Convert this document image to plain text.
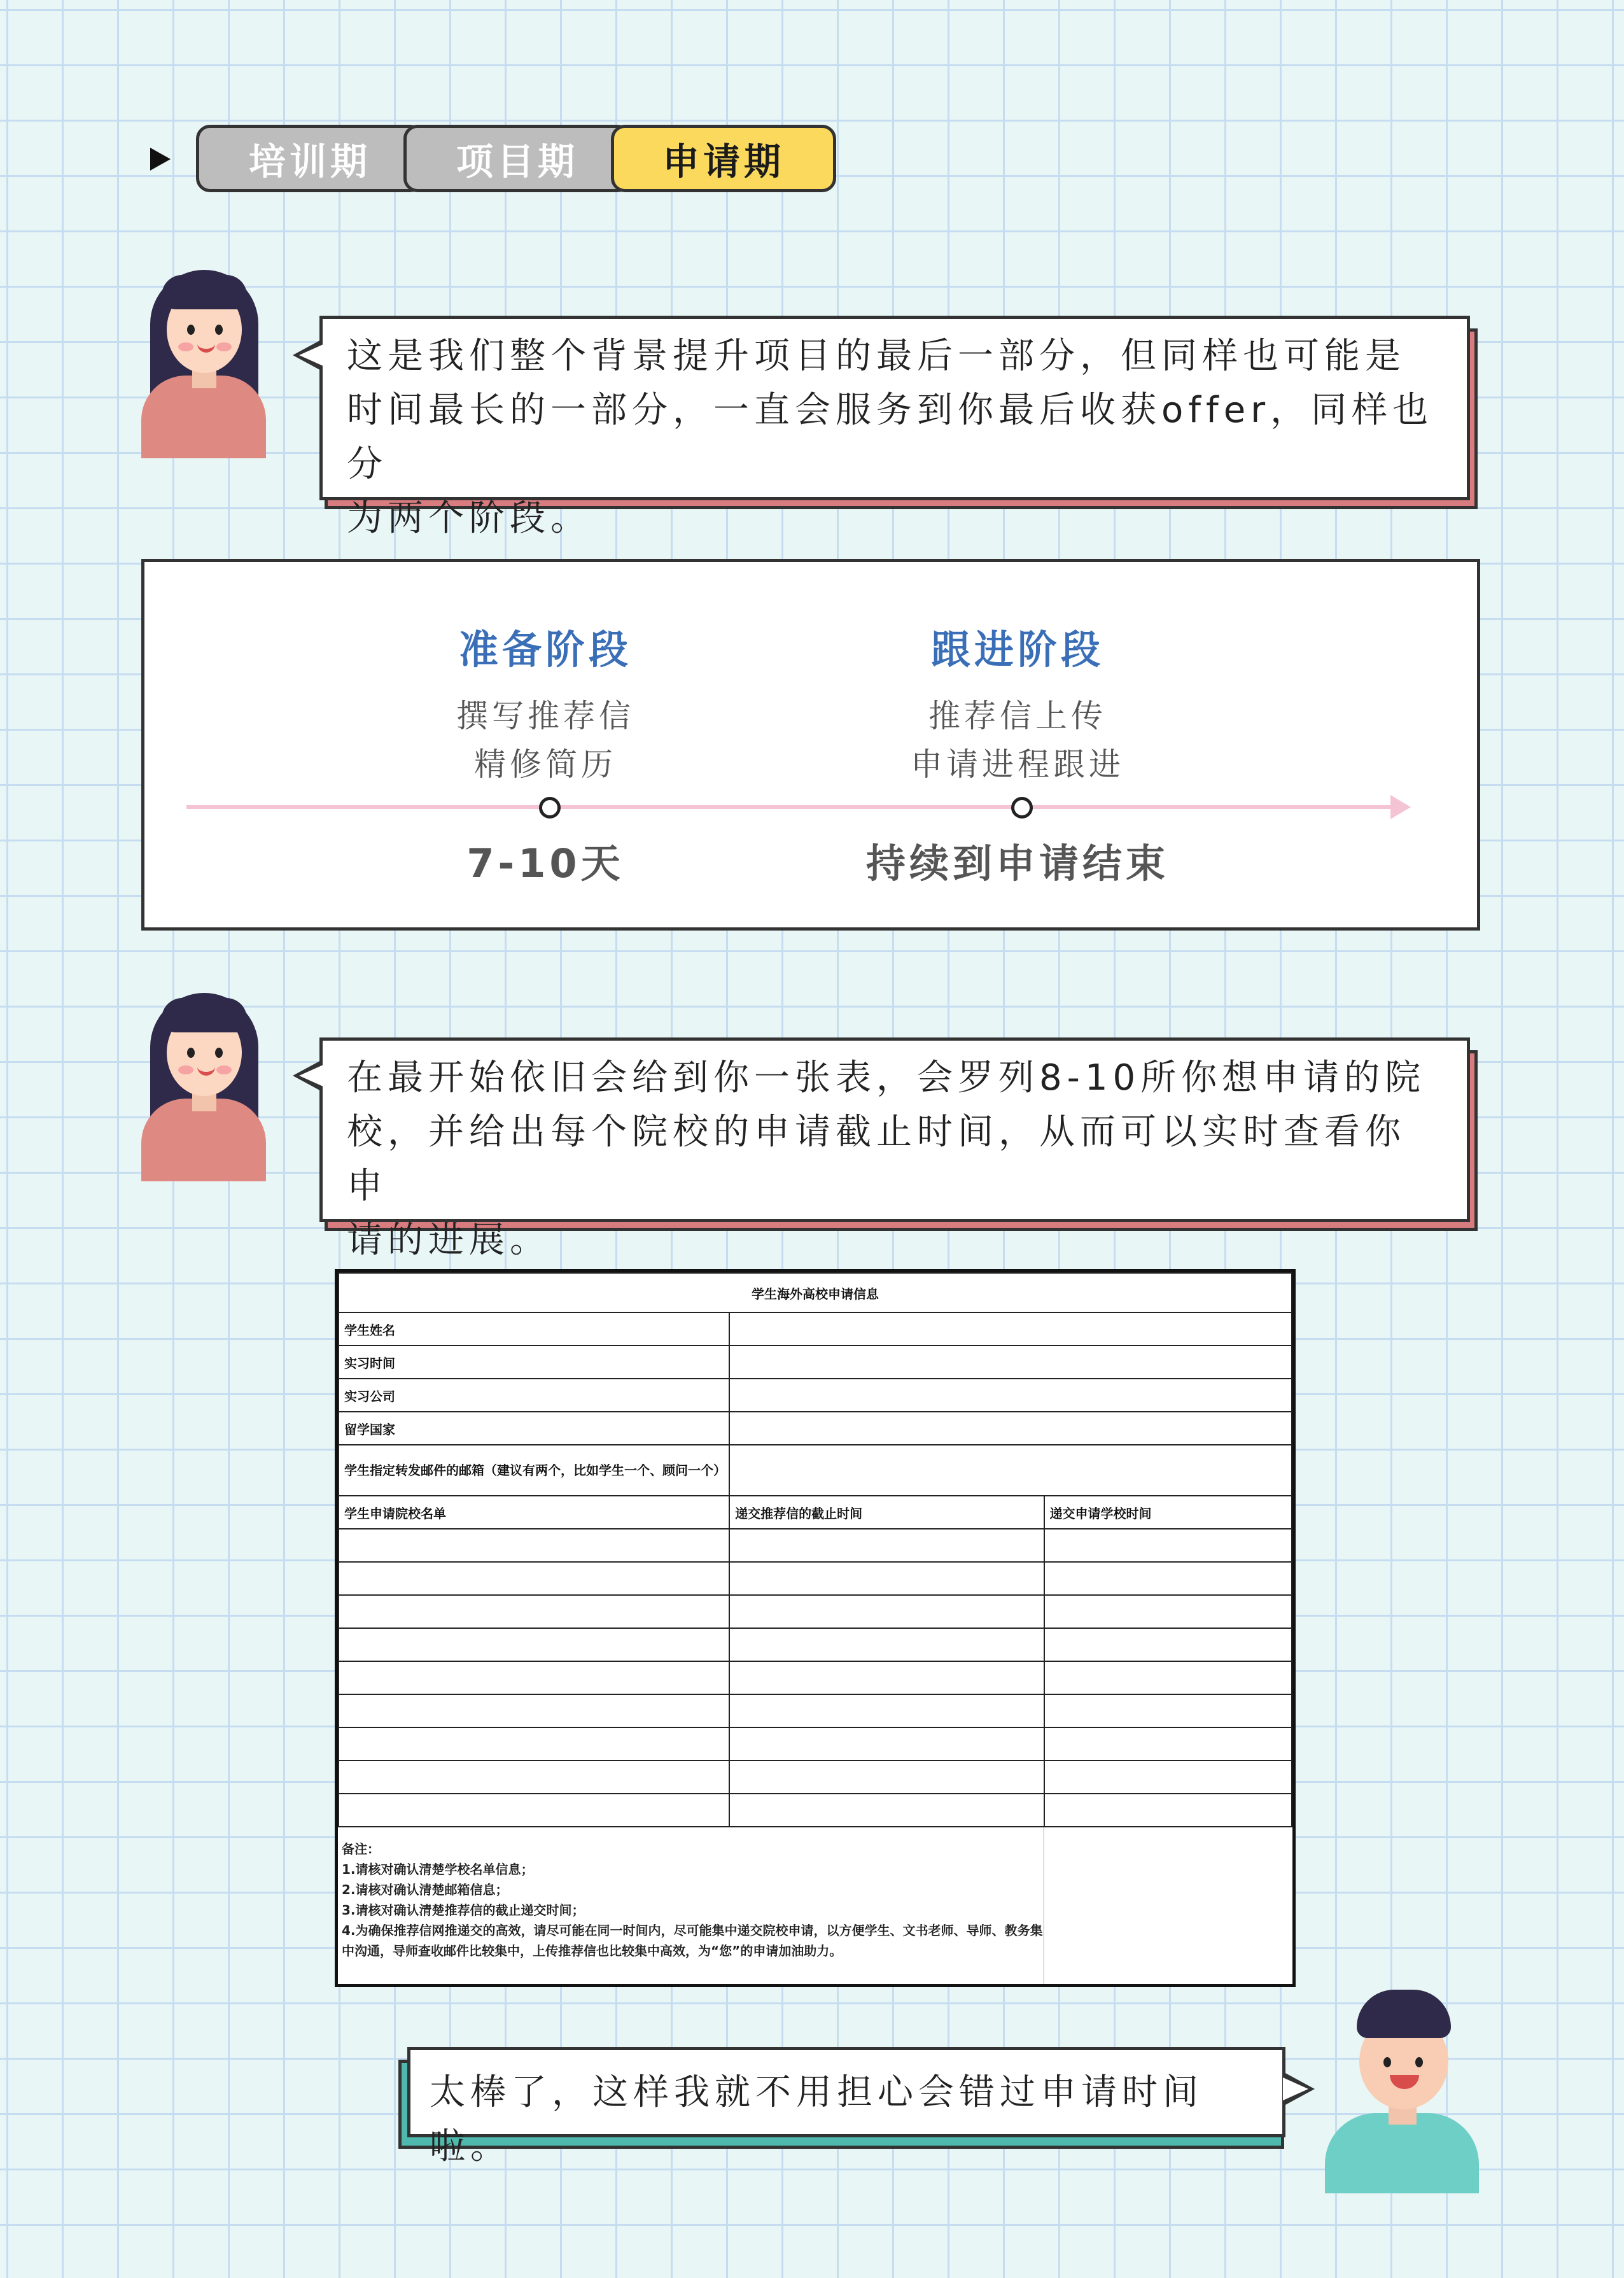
培训期 项目期 申请期
这是我们整个背景提升项目的最后一部分，但同样也可能是
时间最长的一部分，一直会服务到你最后收获offer，同样也分
为两个阶段。
准备阶段
撰写推荐信
精修简历
跟进阶段
推荐信上传
申请进程跟进
7-10天	持续到申请结束
在最开始依旧会给到你一张表，会罗列8-10所你想申请的院
校，并给出每个院校的申请截止时间，从而可以实时查看你申
请的进展。
学生海外高校申请信息		
学生姓名		
实习时间		
实习公司		
留学国家		
学生指定转发邮件的邮箱（建议有两个，比如学生一个、顾问一个）		
学生申请院校名单	递交推荐信的截止时间	递交申请学校时间

备注：
1.请核对确认清楚学校名单信息；
2.请核对确认清楚邮箱信息；
3.请核对确认清楚推荐信的截止递交时间；
4.为确保推荐信网推递交的高效，请尽可能在同一时间内，尽可能集中递交院校申请，以方便学生、文书老师、导师、教务集中沟通，导师查收邮件比较集中，上传推荐信也比较集中高效，为“您”的申请加油助力。
太棒了，这样我就不用担心会错过申请时间啦。
